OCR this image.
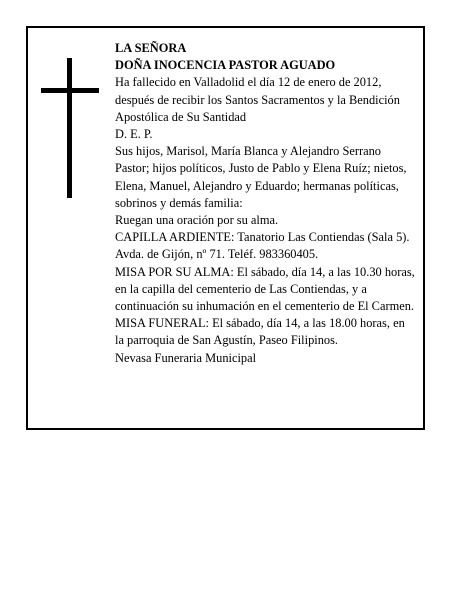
LA SEÑORA

DOÑA INOCENCIA PASTOR AGUADO

Ha fallecido en Valladolid el día 12 de enero de 2012, después de recibir los Santos Sacramentos y la Bendición Apostólica de Su Santidad

D. E. P.

Sus hijos, Marisol, María Blanca y Alejandro Serrano Pastor; hijos políticos, Justo de Pablo y Elena Ruíz; nietos, Elena, Manuel, Alejandro y Eduardo; hermanas políticas, sobrinos y demás familia:

Ruegan una oración por su alma.

CAPILLA ARDIENTE: Tanatorio Las Contiendas (Sala 5). Avda. de Gijón, nº 71. Teléf. 983360405.

MISA POR SU ALMA: El sábado, día 14, a las 10.30 horas, en la capilla del cementerio de Las Contiendas, y a continuación su inhumación en el cementerio de El Carmen.

MISA FUNERAL: El sábado, día 14, a las 18.00 horas, en la parroquia de San Agustín, Paseo Filipinos.

Nevasa Funeraria Municipal
